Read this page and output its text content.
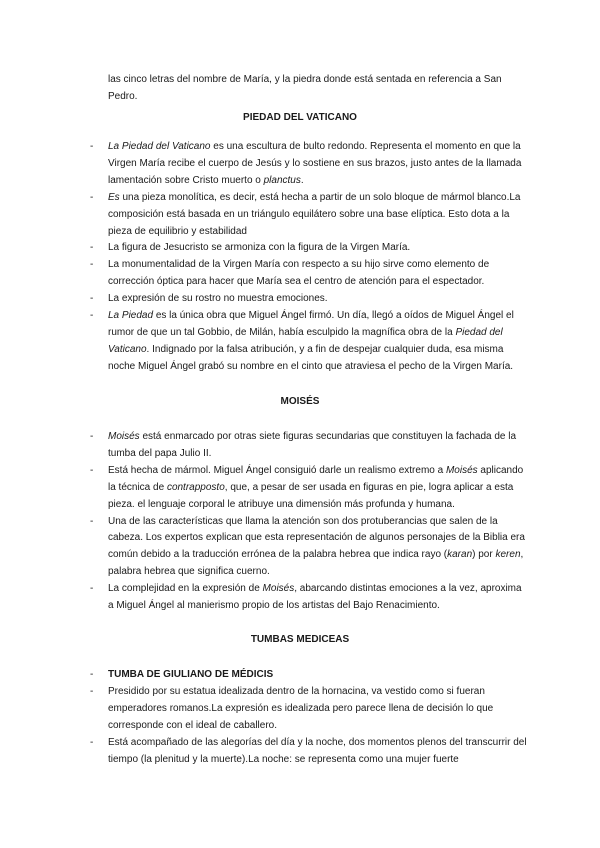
las cinco letras del nombre de María, y la piedra donde está sentada en referencia a San Pedro.

PIEDAD DEL VATICANO

- La Piedad del Vaticano es una escultura de bulto redondo. Representa el momento en que la Virgen María recibe el cuerpo de Jesús y lo sostiene en sus brazos, justo antes de la llamada lamentación sobre Cristo muerto o planctus.
- Es una pieza monolítica, es decir, está hecha a partir de un solo bloque de mármol blanco.La composición está basada en un triángulo equilátero sobre una base elíptica. Esto dota a la pieza de equilibrio y estabilidad
- La figura de Jesucristo se armoniza con la figura de la Virgen María.
- La monumentalidad de la Virgen María con respecto a su hijo sirve como elemento de corrección óptica para hacer que María sea el centro de atención para el espectador.
- La expresión de su rostro no muestra emociones.
- La Piedad es la única obra que Miguel Ángel firmó. Un día, llegó a oídos de Miguel Ángel el rumor de que un tal Gobbio, de Milán, había esculpido la magnífica obra de la Piedad del Vaticano. Indignado por la falsa atribución, y a fin de despejar cualquier duda, esa misma noche Miguel Ángel grabó su nombre en el cinto que atraviesa el pecho de la Virgen María.

MOISÉS

- Moisés está enmarcado por otras siete figuras secundarias que constituyen la fachada de la tumba del papa Julio II.
- Está hecha de mármol. Miguel Ángel consiguió darle un realismo extremo a Moisés aplicando la técnica de contrapposto, que, a pesar de ser usada en figuras en pie, logra aplicar a esta pieza. el lenguaje corporal le atribuye una dimensión más profunda y humana.
- Una de las características que llama la atención son dos protuberancias que salen de la cabeza. Los expertos explican que esta representación de algunos personajes de la Biblia era común debido a la traducción errónea de la palabra hebrea que indica rayo (karan) por keren, palabra hebrea que significa cuerno.
- La complejidad en la expresión de Moisés, abarcando distintas emociones a la vez, aproxima a Miguel Ángel al manierismo propio de los artistas del Bajo Renacimiento.

TUMBAS MEDICEAS

- TUMBA DE GIULIANO DE MÉDICIS
- Presidido por su estatua idealizada dentro de la hornacina, va vestido como si fueran emperadores romanos.La expresión es idealizada pero parece llena de decisión lo que corresponde con el ideal de caballero.
- Está acompañado de las alegorías del día y la noche, dos momentos plenos del transcurrir del tiempo (la plenitud y la muerte).La noche: se representa como una mujer fuerte
